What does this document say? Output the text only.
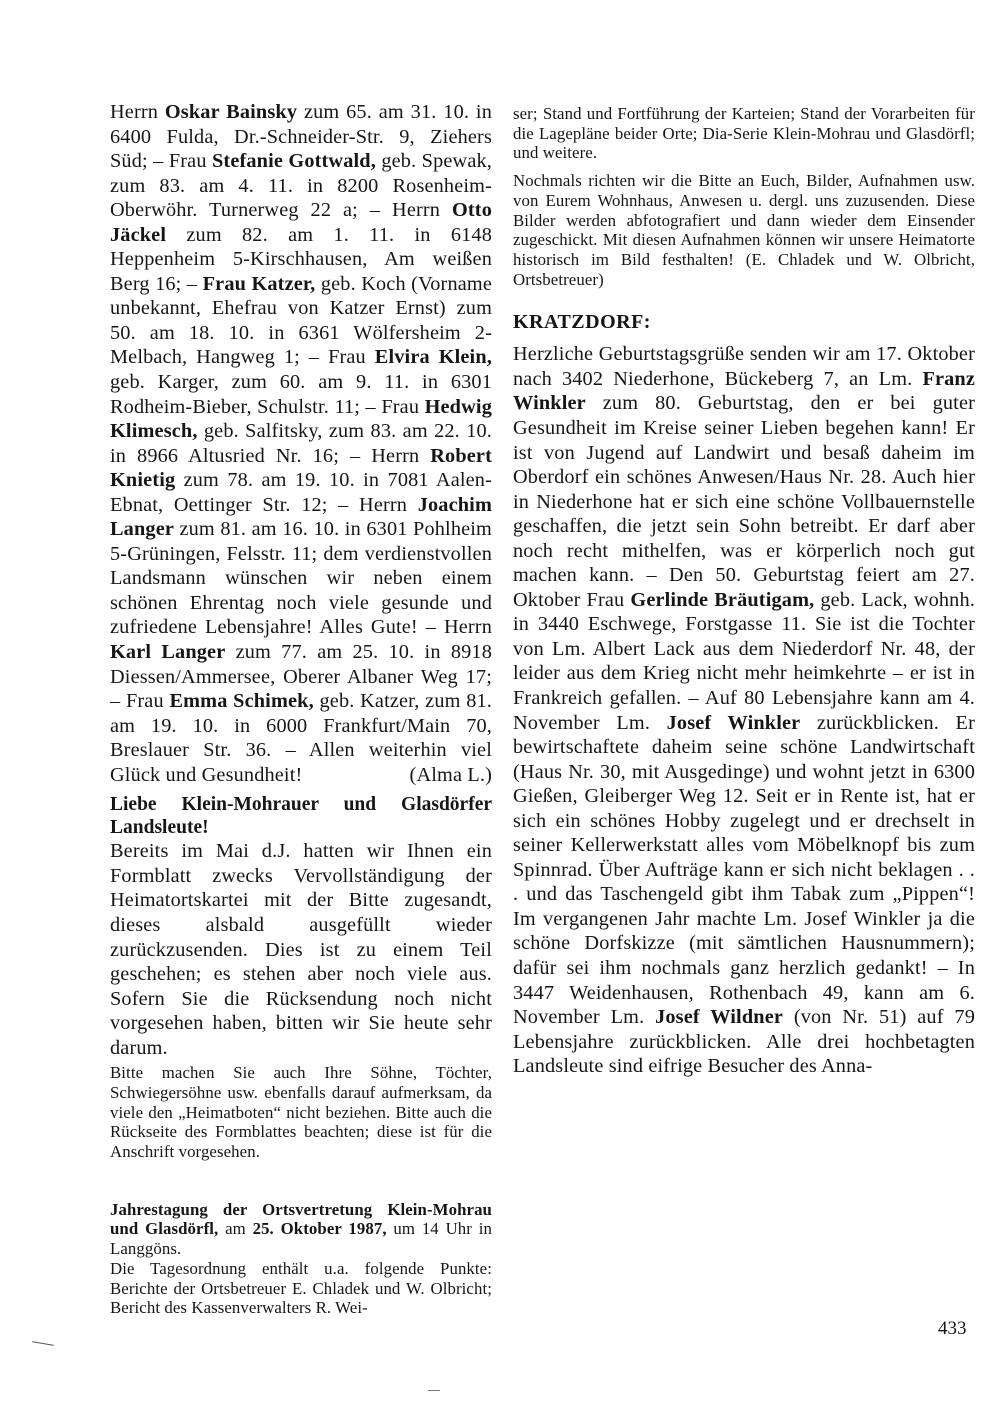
Herrn Oskar Bainsky zum 65. am 31. 10. in 6400 Fulda, Dr.-Schneider-Str. 9, Ziehers Süd; – Frau Stefanie Gottwald, geb. Spewak, zum 83. am 4. 11. in 8200 Rosenheim-Oberwöhr. Turnerweg 22 a; – Herrn Otto Jäckel zum 82. am 1. 11. in 6148 Heppenheim 5-Kirschhausen, Am weißen Berg 16; – Frau Katzer, geb. Koch (Vorname unbekannt, Ehefrau von Katzer Ernst) zum 50. am 18. 10. in 6361 Wölfersheim 2-Melbach, Hangweg 1; – Frau Elvira Klein, geb. Karger, zum 60. am 9. 11. in 6301 Rodheim-Bieber, Schulstr. 11; – Frau Hedwig Klimesch, geb. Salfitsky, zum 83. am 22. 10. in 8966 Altusried Nr. 16; – Herrn Robert Knietig zum 78. am 19. 10. in 7081 Aalen-Ebnat, Oettinger Str. 12; – Herrn Joachim Langer zum 81. am 16. 10. in 6301 Pohlheim 5-Grüningen, Felsstr. 11; dem verdienstvollen Landsmann wünschen wir neben einem schönen Ehrentag noch viele gesunde und zufriedene Lebensjahre! Alles Gute! – Herrn Karl Langer zum 77. am 25. 10. in 8918 Diessen/Ammersee, Oberer Albaner Weg 17; – Frau Emma Schimek, geb. Katzer, zum 81. am 19. 10. in 6000 Frankfurt/Main 70, Breslauer Str. 36. – Allen weiterhin viel Glück und Gesundheit!	(Alma L.)

Liebe Klein-Mohrauer und Glasdörfer Landsleute!

Bereits im Mai d.J. hatten wir Ihnen ein Formblatt zwecks Vervollständigung der Heimatortskartei mit der Bitte zugesandt, dieses alsbald ausgefüllt wieder zurückzusenden. Dies ist zu einem Teil geschehen; es stehen aber noch viele aus. Sofern Sie die Rücksendung noch nicht vorgesehen haben, bitten wir Sie heute sehr darum.

Bitte machen Sie auch Ihre Söhne, Töchter, Schwiegersöhne usw. ebenfalls darauf aufmerksam, da viele den „Heimatboten“ nicht beziehen. Bitte auch die Rückseite des Formblattes beachten; diese ist für die Anschrift vorgesehen.

Jahrestagung der Ortsvertretung Klein-Mohrau und Glasdörfl, am 25. Oktober 1987, um 14 Uhr in Langgöns.

Die Tagesordnung enthält u.a. folgende Punkte: Berichte der Ortsbetreuer E. Chladek und W. Olbricht; Bericht des Kassenverwalters R. Wei-

ser; Stand und Fortführung der Karteien; Stand der Vorarbeiten für die Lagepläne beider Orte; Dia-Serie Klein-Mohrau und Glasdörfl; und weitere.

Nochmals richten wir die Bitte an Euch, Bilder, Aufnahmen usw. von Eurem Wohnhaus, Anwesen u. dergl. uns zuzusenden. Diese Bilder werden abfotografiert und dann wieder dem Einsender zugeschickt. Mit diesen Aufnahmen können wir unsere Heimatorte historisch im Bild festhalten! (E. Chladek und W. Olbricht, Ortsbetreuer)

KRATZDORF:

Herzliche Geburtstagsgrüße senden wir am 17. Oktober nach 3402 Niederhone, Bückeberg 7, an Lm. Franz Winkler zum 80. Geburtstag, den er bei guter Gesundheit im Kreise seiner Lieben begehen kann! Er ist von Jugend auf Landwirt und besaß daheim im Oberdorf ein schönes Anwesen/Haus Nr. 28. Auch hier in Niederhone hat er sich eine schöne Vollbauernstelle geschaffen, die jetzt sein Sohn betreibt. Er darf aber noch recht mithelfen, was er körperlich noch gut machen kann. – Den 50. Geburtstag feiert am 27. Oktober Frau Gerlinde Bräutigam, geb. Lack, wohnh. in 3440 Eschwege, Forstgasse 11. Sie ist die Tochter von Lm. Albert Lack aus dem Niederdorf Nr. 48, der leider aus dem Krieg nicht mehr heimkehrte – er ist in Frankreich gefallen. – Auf 80 Lebensjahre kann am 4. November Lm. Josef Winkler zurückblicken. Er bewirtschaftete daheim seine schöne Landwirtschaft (Haus Nr. 30, mit Ausgedinge) und wohnt jetzt in 6300 Gießen, Gleiberger Weg 12. Seit er in Rente ist, hat er sich ein schönes Hobby zugelegt und er drechselt in seiner Kellerwerkstatt alles vom Möbelknopf bis zum Spinnrad. Über Aufträge kann er sich nicht beklagen . . . und das Taschengeld gibt ihm Tabak zum „Pippen“! Im vergangenen Jahr machte Lm. Josef Winkler ja die schöne Dorfskizze (mit sämtlichen Hausnummern); dafür sei ihm nochmals ganz herzlich gedankt! – In 3447 Weidenhausen, Rothenbach 49, kann am 6. November Lm. Josef Wildner (von Nr. 51) auf 79 Lebensjahre zurückblicken. Alle drei hochbetagten Landsleute sind eifrige Besucher des Anna-

433
